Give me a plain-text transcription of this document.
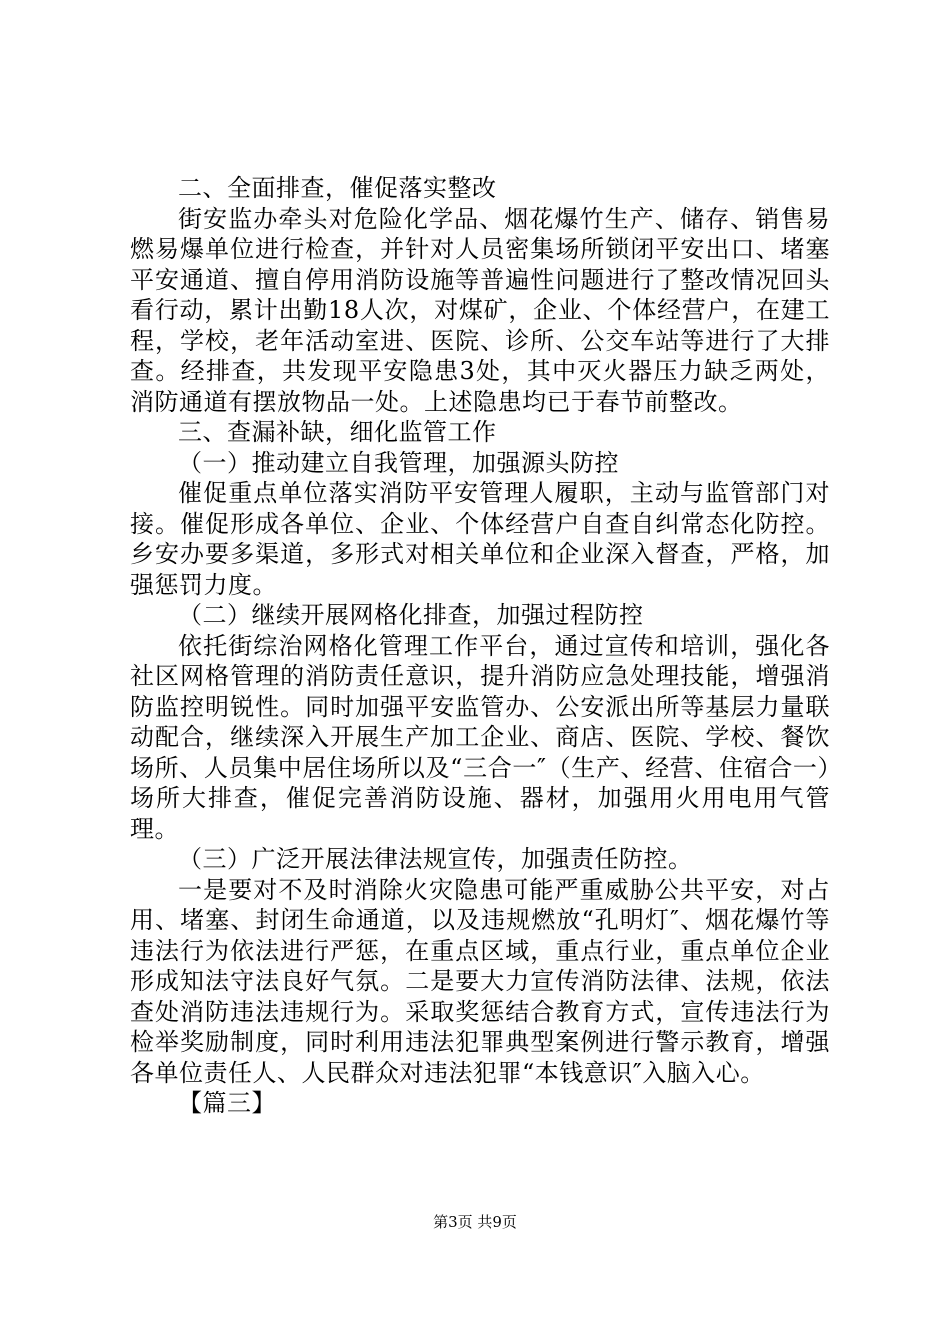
二、全面排查，催促落实整改

街安监办牵头对危险化学品、烟花爆竹生产、储存、销售易燃易爆单位进行检查，并针对人员密集场所锁闭平安出口、堵塞平安通道、擅自停用消防设施等普遍性问题进行了整改情况回头看行动，累计出勤18人次，对煤矿，企业、个体经营户，在建工程，学校，老年活动室进、医院、诊所、公交车站等进行了大排查。经排查，共发现平安隐患3处，其中灭火器压力缺乏两处，消防通道有摆放物品一处。上述隐患均已于春节前整改。

三、查漏补缺，细化监管工作

（一）推动建立自我管理，加强源头防控

催促重点单位落实消防平安管理人履职，主动与监管部门对接。催促形成各单位、企业、个体经营户自查自纠常态化防控。乡安办要多渠道，多形式对相关单位和企业深入督查，严格，加强惩罚力度。

（二）继续开展网格化排查，加强过程防控

依托街综治网格化管理工作平台，通过宣传和培训，强化各社区网格管理的消防责任意识，提升消防应急处理技能，增强消防监控明锐性。同时加强平安监管办、公安派出所等基层力量联动配合，继续深入开展生产加工企业、商店、医院、学校、餐饮场所、人员集中居住场所以及“三合一″（生产、经营、住宿合一）场所大排查，催促完善消防设施、器材，加强用火用电用气管理。

（三）广泛开展法律法规宣传，加强责任防控。

一是要对不及时消除火灾隐患可能严重威胁公共平安，对占用、堵塞、封闭生命通道，以及违规燃放“孔明灯″、烟花爆竹等违法行为依法进行严惩，在重点区域，重点行业，重点单位企业形成知法守法良好气氛。二是要大力宣传消防法律、法规，依法查处消防违法违规行为。采取奖惩结合教育方式，宣传违法行为检举奖励制度，同时利用违法犯罪典型案例进行警示教育，增强各单位责任人、人民群众对违法犯罪“本钱意识″入脑入心。

【篇三】

第3页 共9页
